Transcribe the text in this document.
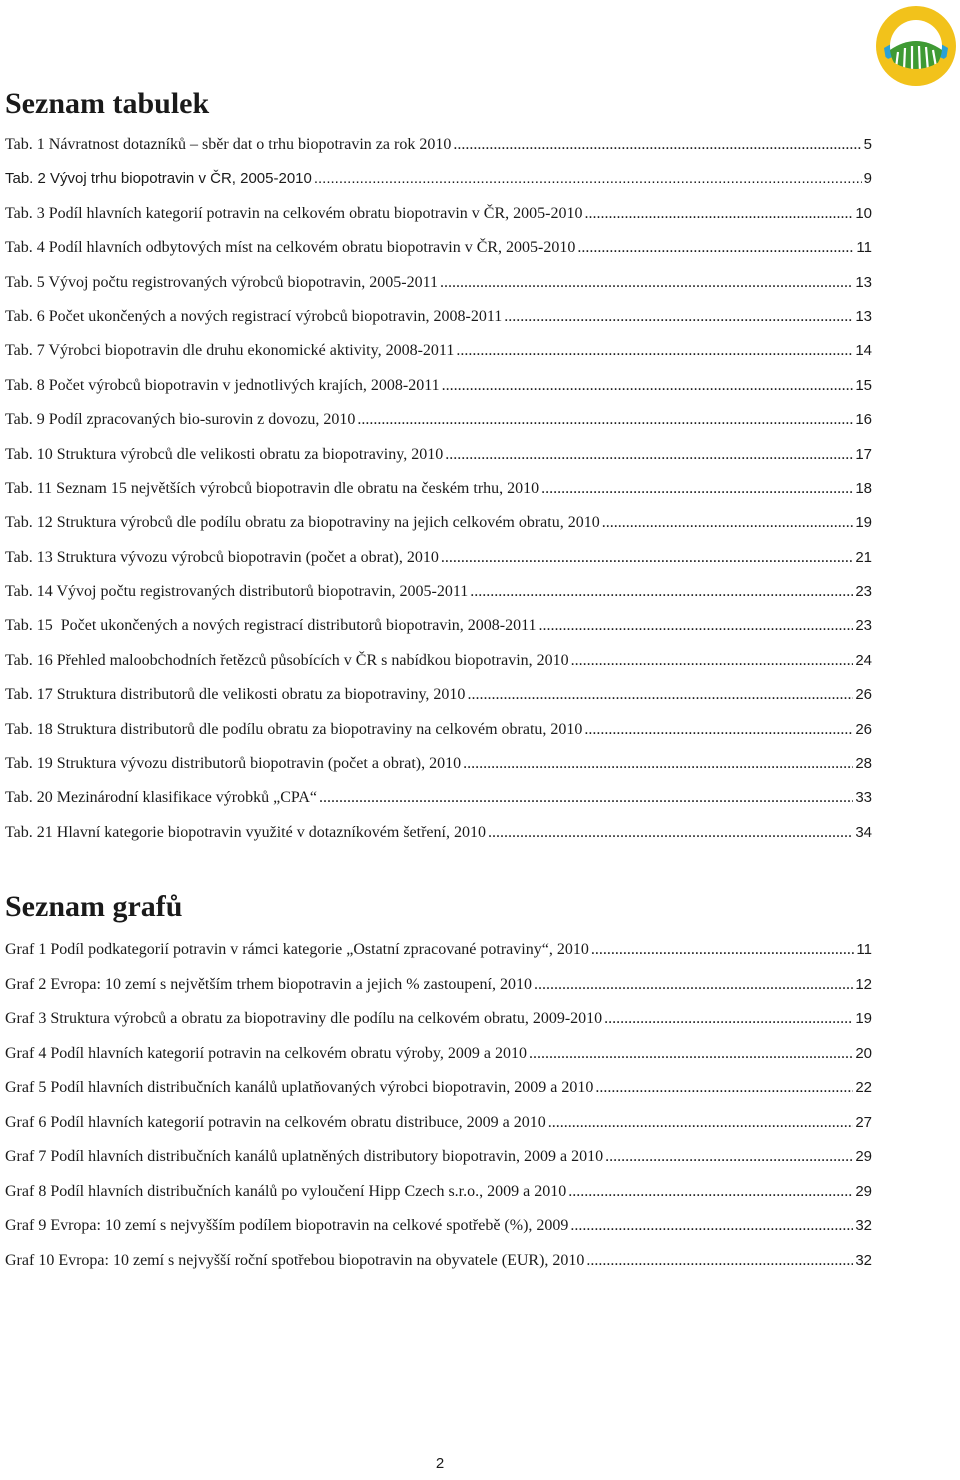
Seznam tabulek
Tab. 1 Návratnost dotazníků – sběr dat o trhu biopotravin za rok 2010 .....	5
Tab. 2 Vývoj trhu biopotravin v ČR, 2005-2010 .....	9
Tab. 3 Podíl hlavních kategorií potravin na celkovém obratu biopotravin v ČR, 2005-2010 .....	10
Tab. 4 Podíl hlavních odbytových míst na celkovém obratu biopotravin v ČR, 2005-2010 .....	11
Tab. 5 Vývoj počtu registrovaných výrobců biopotravin, 2005-2011 .....	13
Tab. 6 Počet ukončených a nových registrací výrobců biopotravin, 2008-2011 .....	13
Tab. 7 Výrobci biopotravin dle druhu ekonomické aktivity, 2008-2011 .....	14
Tab. 8 Počet výrobců biopotravin v jednotlivých krajích, 2008-2011 .....	15
Tab. 9 Podíl zpracovaných bio-surovin z dovozu, 2010 .....	16
Tab. 10 Struktura výrobců dle velikosti obratu za biopotraviny, 2010 .....	17
Tab. 11 Seznam 15 největších výrobců biopotravin dle obratu na českém trhu, 2010 .....	18
Tab. 12 Struktura výrobců dle podílu obratu za biopotraviny na jejich celkovém obratu, 2010 .....	19
Tab. 13 Struktura vývozu výrobců biopotravin (počet a obrat), 2010 .....	21
Tab. 14 Vývoj počtu registrovaných distributorů biopotravin, 2005-2011 .....	23
Tab. 15  Počet ukončených a nových registrací distributorů biopotravin, 2008-2011 .....	23
Tab. 16 Přehled maloobchodních řetězců působících v ČR s nabídkou biopotravin, 2010 .....	24
Tab. 17 Struktura distributorů dle velikosti obratu za biopotraviny, 2010 .....	26
Tab. 18 Struktura distributorů dle podílu obratu za biopotraviny na celkovém obratu, 2010 .....	26
Tab. 19 Struktura vývozu distributorů biopotravin (počet a obrat), 2010 .....	28
Tab. 20 Mezinárodní klasifikace výrobků „CPA“ .....	33
Tab. 21 Hlavní kategorie biopotravin využité v dotazníkovém šetření, 2010 .....	34
Seznam grafů
Graf 1 Podíl podkategorií potravin v rámci kategorie „Ostatní zpracované potraviny“, 2010 .....	11
Graf 2 Evropa: 10 zemí s největším trhem biopotravin a jejich % zastoupení, 2010 .....	12
Graf 3 Struktura výrobců a obratu za biopotraviny dle podílu na celkovém obratu, 2009-2010 .....	19
Graf 4 Podíl hlavních kategorií potravin na celkovém obratu výroby, 2009 a 2010 .....	20
Graf 5 Podíl hlavních distribučních kanálů uplatňovaných výrobci biopotravin, 2009 a 2010 .....	22
Graf 6 Podíl hlavních kategorií potravin na celkovém obratu distribuce, 2009 a 2010 .....	27
Graf 7 Podíl hlavních distribučních kanálů uplatněných distributory biopotravin, 2009 a 2010 .....	29
Graf 8 Podíl hlavních distribučních kanálů po vyloučení Hipp Czech s.r.o., 2009 a 2010 .....	29
Graf 9 Evropa: 10 zemí s nejvyšším podílem biopotravin na celkové spotřebě (%), 2009 .....	32
Graf 10 Evropa: 10 zemí s nejvyšší roční spotřebou biopotravin na obyvatele (EUR), 2010 .....	32
2
